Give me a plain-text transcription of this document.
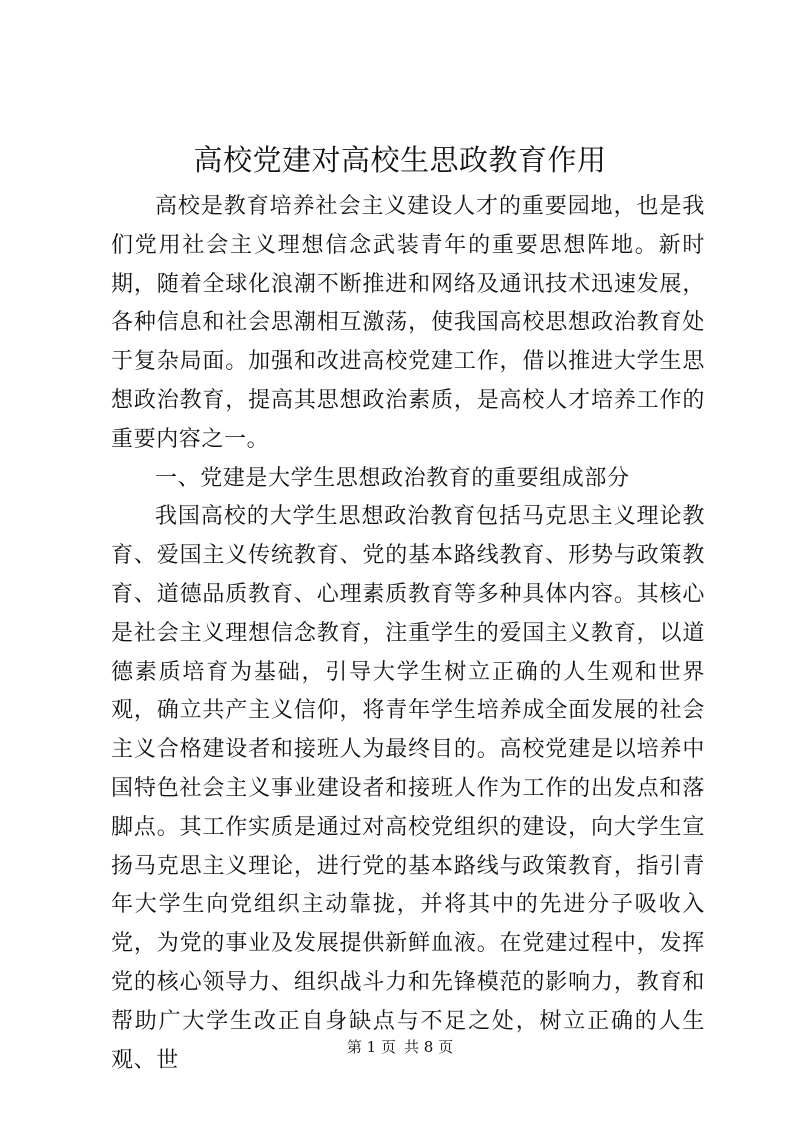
高校党建对高校生思政教育作用

高校是教育培养社会主义建设人才的重要园地，也是我们党用社会主义理想信念武装青年的重要思想阵地。新时期，随着全球化浪潮不断推进和网络及通讯技术迅速发展，各种信息和社会思潮相互激荡，使我国高校思想政治教育处于复杂局面。加强和改进高校党建工作，借以推进大学生思想政治教育，提高其思想政治素质，是高校人才培养工作的重要内容之一。

一、党建是大学生思想政治教育的重要组成部分

我国高校的大学生思想政治教育包括马克思主义理论教育、爱国主义传统教育、党的基本路线教育、形势与政策教育、道德品质教育、心理素质教育等多种具体内容。其核心是社会主义理想信念教育，注重学生的爱国主义教育，以道德素质培育为基础，引导大学生树立正确的人生观和世界观，确立共产主义信仰，将青年学生培养成全面发展的社会主义合格建设者和接班人为最终目的。高校党建是以培养中国特色社会主义事业建设者和接班人作为工作的出发点和落脚点。其工作实质是通过对高校党组织的建设，向大学生宣扬马克思主义理论，进行党的基本路线与政策教育，指引青年大学生向党组织主动靠拢，并将其中的先进分子吸收入党，为党的事业及发展提供新鲜血液。在党建过程中，发挥党的核心领导力、组织战斗力和先锋模范的影响力，教育和帮助广大学生改正自身缺点与不足之处，树立正确的人生观、世

第 1 页 共 8 页
